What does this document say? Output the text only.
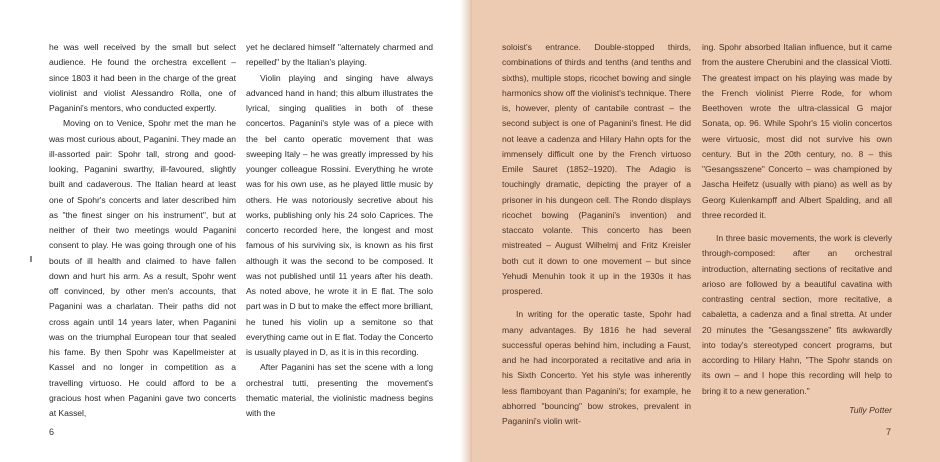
he was well received by the small but select audience. He found the orchestra excellent – since 1803 it had been in the charge of the great violinist and violist Alessandro Rolla, one of Paganini's mentors, who conducted expertly.

Moving on to Venice, Spohr met the man he was most curious about, Paganini. They made an ill-assorted pair: Spohr tall, strong and good-looking, Paganini swarthy, ill-favoured, slightly built and cadaverous. The Italian heard at least one of Spohr's concerts and later described him as "the finest singer on his instrument", but at neither of their two meetings would Paganini consent to play. He was going through one of his bouts of ill health and claimed to have fallen down and hurt his arm. As a result, Spohr went off convinced, by other men's accounts, that Paganini was a charlatan. Their paths did not cross again until 14 years later, when Paganini was on the triumphal European tour that sealed his fame. By then Spohr was Kapellmeister at Kassel and no longer in competition as a travelling virtuoso. He could afford to be a gracious host when Paganini gave two concerts at Kassel,

yet he declared himself "alternately charmed and repelled" by the Italian's playing.

Violin playing and singing have always advanced hand in hand; this album illustrates the lyrical, singing qualities in both of these concertos. Paganini's style was of a piece with the bel canto operatic movement that was sweeping Italy – he was greatly impressed by his younger colleague Rossini. Everything he wrote was for his own use, as he played little music by others. He was notoriously secretive about his works, publishing only his 24 solo Caprices. The concerto recorded here, the longest and most famous of his surviving six, is known as his first although it was the second to be composed. It was not published until 11 years after his death. As noted above, he wrote it in E flat. The solo part was in D but to make the effect more brilliant, he tuned his violin up a semitone so that everything came out in E flat. Today the Concerto is usually played in D, as it is in this recording.

After Paganini has set the scene with a long orchestral tutti, presenting the movement's thematic material, the violinistic madness begins with the

6

soloist's entrance. Double-stopped thirds, combinations of thirds and tenths (and tenths and sixths), multiple stops, ricochet bowing and single harmonics show off the violinist's technique. There is, however, plenty of cantabile contrast – the second subject is one of Paganini's finest. He did not leave a cadenza and Hilary Hahn opts for the immensely difficult one by the French virtuoso Emile Sauret (1852–1920). The Adagio is touchingly dramatic, depicting the prayer of a prisoner in his dungeon cell. The Rondo displays ricochet bowing (Paganini's invention) and staccato volante. This concerto has been mistreated – August Wilhelmj and Fritz Kreisler both cut it down to one movement – but since Yehudi Menuhin took it up in the 1930s it has prospered.

In writing for the operatic taste, Spohr had many advantages. By 1816 he had several successful operas behind him, including a Faust, and he had incorporated a recitative and aria in his Sixth Concerto. Yet his style was inherently less flamboyant than Paganini's; for example, he abhorred "bouncing" bow strokes, prevalent in Paganini's violin writ-

ing. Spohr absorbed Italian influence, but it came from the austere Cherubini and the classical Viotti. The greatest impact on his playing was made by the French violinist Pierre Rode, for whom Beethoven wrote the ultra-classical G major Sonata, op. 96. While Spohr's 15 violin concertos were virtuosic, most did not survive his own century. But in the 20th century, no. 8 – this "Gesangsszene" Concerto – was championed by Jascha Heifetz (usually with piano) as well as by Georg Kulenkampff and Albert Spalding, and all three recorded it.

In three basic movements, the work is cleverly through-composed: after an orchestral introduction, alternating sections of recitative and arioso are followed by a beautiful cavatina with contrasting central section, more recitative, a cabaletta, a cadenza and a final stretta. At under 20 minutes the "Gesangsszene" fits awkwardly into today's stereotyped concert programs, but according to Hilary Hahn, "The Spohr stands on its own – and I hope this recording will help to bring it to a new generation."

Tully Potter
7
